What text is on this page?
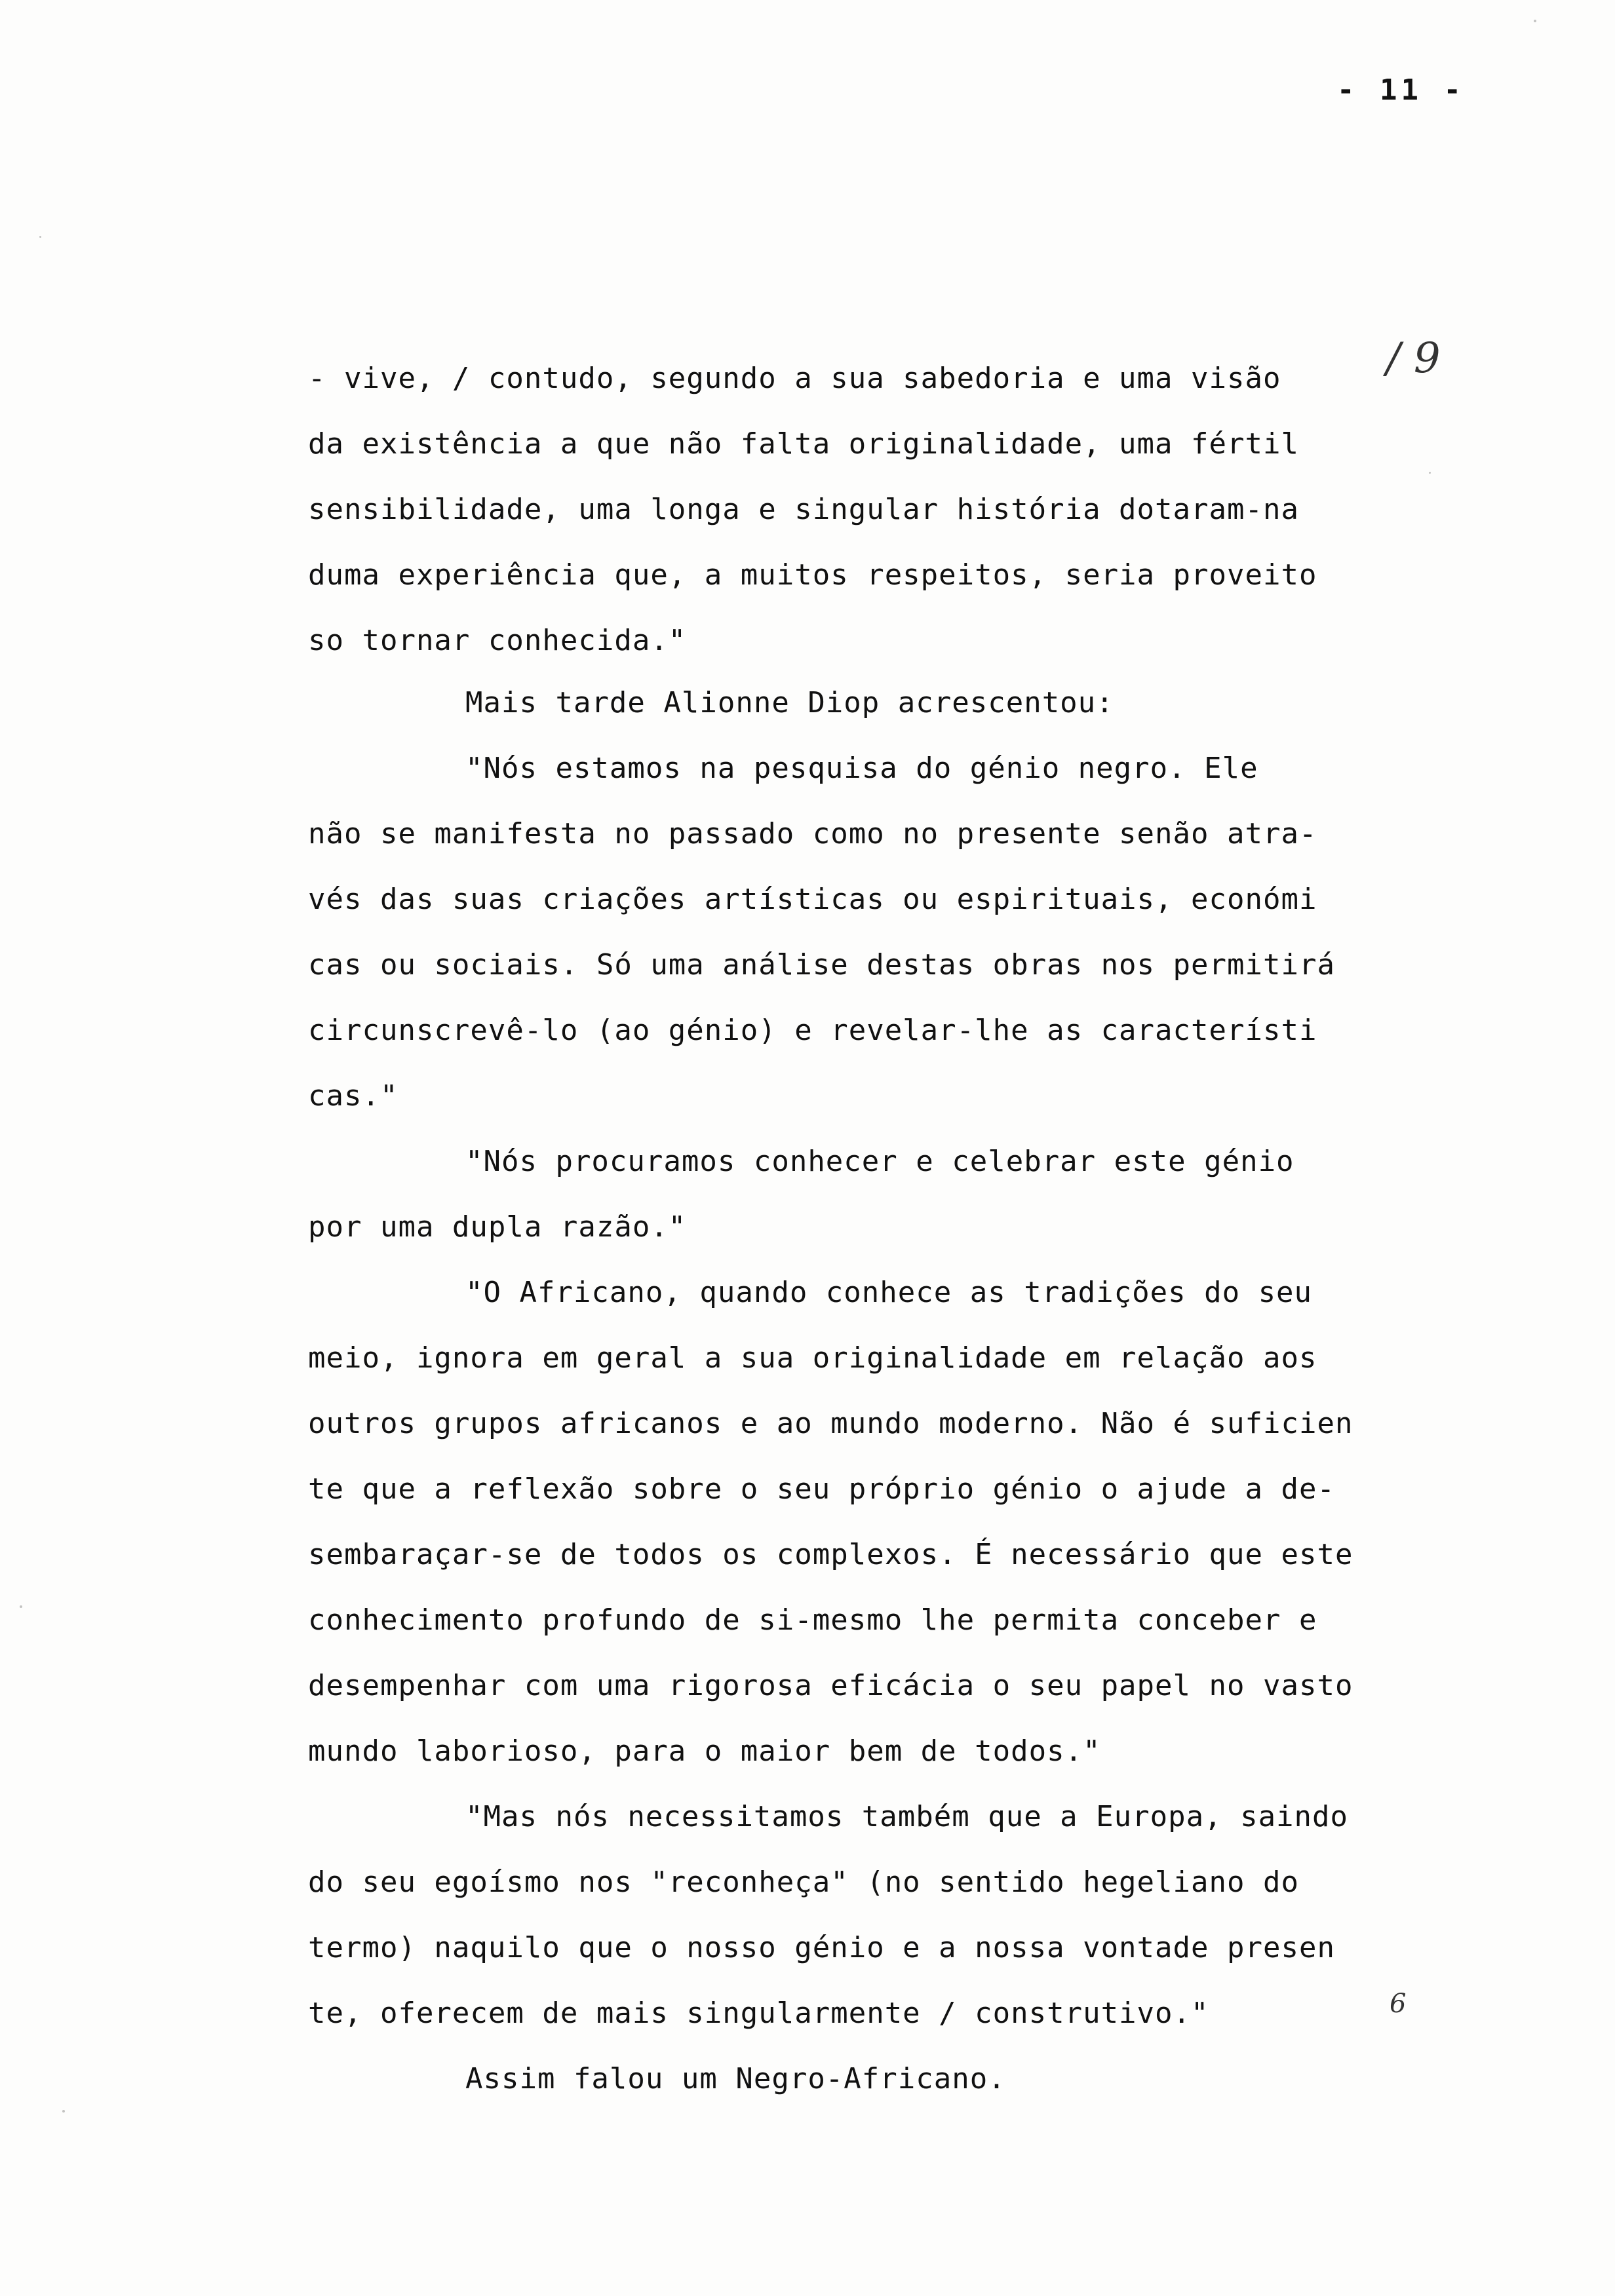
- 11 -
/ 9
6
- vive, / contudo, segundo a sua sabedoria e uma visão
da existência a que não falta originalidade, uma fértil
sensibilidade, uma longa e singular história dotaram-na
duma experiência que, a muitos respeitos, seria proveito
so tornar conhecida."
Mais tarde Alionne Diop acrescentou:
"Nós estamos na pesquisa do génio negro. Ele
não se manifesta no passado como no presente senão atra-
vés das suas criações artísticas ou espirituais, económi
cas ou sociais. Só uma análise destas obras nos permitirá
circunscrevê-lo (ao génio) e revelar-lhe as característi
cas."
"Nós procuramos conhecer e celebrar este génio
por uma dupla razão."
"O Africano, quando conhece as tradições do seu
meio, ignora em geral a sua originalidade em relação aos
outros grupos africanos e ao mundo moderno. Não é suficien
te que a reflexão sobre o seu próprio génio o ajude a de-
sembaraçar-se de todos os complexos. É necessário que este
conhecimento profundo de si-mesmo lhe permita conceber e
desempenhar com uma rigorosa eficácia o seu papel no vasto
mundo laborioso, para o maior bem de todos."
"Mas nós necessitamos também que a Europa, saindo
do seu egoísmo nos "reconheça" (no sentido hegeliano do
termo) naquilo que o nosso génio e a nossa vontade presen
te, oferecem de mais singularmente / construtivo."
Assim falou um Negro-Africano.
